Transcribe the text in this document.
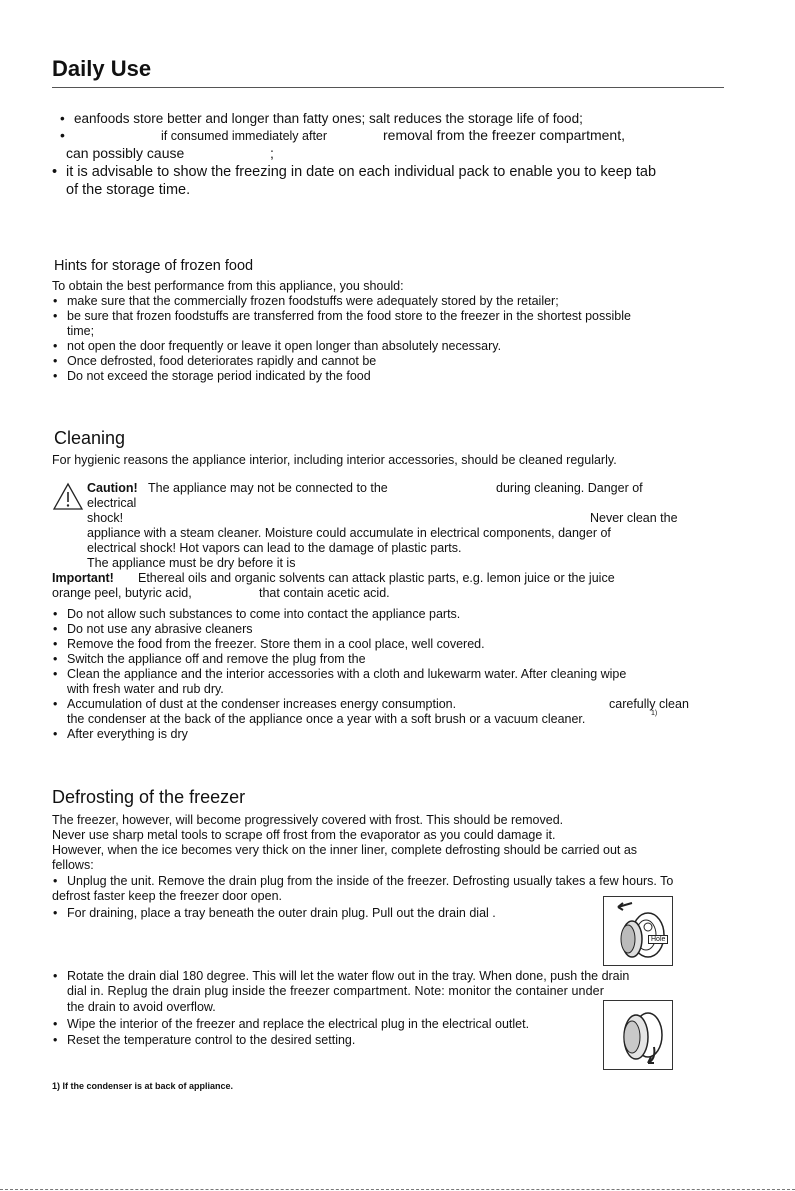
Daily Use
• eanfoods store better and longer than fatty ones; salt reduces the storage life of food;
if consumed immediately after	removal from the freezer compartment,
can possibly cause	;
• it is advisable to show the freezing in date on each individual pack to enable you to keep tab
of the storage time.
Hints for storage of frozen food
To obtain the best performance from this appliance, you should:
• make sure that the commercially frozen foodstuffs were adequately stored by the retailer;
• be sure that frozen foodstuffs are transferred from the food store to the freezer in the shortest possible
time;
• not open the door frequently or leave it open longer than absolutely necessary.
• Once defrosted, food deteriorates rapidly and cannot be
• Do not exceed the storage period indicated by the food
Cleaning
For hygienic reasons the appliance interior, including interior accessories, should be cleaned regularly.
Caution! The appliance may not be connected to the	during cleaning. Danger of
electrical
shock!	Never clean the
appliance with a steam cleaner. Moisture could accumulate in electrical components, danger of
electrical shock! Hot vapors can lead to the damage of plastic parts.
The appliance must be dry before it is
Important! Ethereal oils and organic solvents can attack plastic parts, e.g. lemon juice or the juice
orange peel, butyric acid,	that contain acetic acid.
• Do not allow such substances to come into contact the appliance parts.
• Do not use any abrasive cleaners
• Remove the food from the freezer. Store them in a cool place, well covered.
• Switch the appliance off and remove the plug from the
• Clean the appliance and the interior accessories with a cloth and lukewarm water. After cleaning wipe
with fresh water and rub dry.
• Accumulation of dust at the condenser increases energy consumption.	carefully clean
the condenser at the back of the appliance once a year with a soft brush or a vacuum cleaner.	1)
• After everything is dry
Defrosting of the freezer
The freezer, however, will become progressively covered with frost. This should be removed.
Never use sharp metal tools to scrape off frost from the evaporator as you could damage it.
However, when the ice becomes very thick on the inner liner, complete defrosting should be carried out as
fellows:
• Unplug the unit. Remove the drain plug from the inside of the freezer. Defrosting usually takes a few hours. To
defrost faster keep the freezer door open.
• For draining, place a tray beneath the outer drain plug. Pull out the drain dial .
Hole
• Rotate the drain dial 180 degree. This will let the water flow out in the tray. When done, push the drain
dial in. Replug the drain plug inside the freezer compartment. Note: monitor the container under
the drain to avoid overflow.
• Wipe the interior of the freezer and replace the electrical plug in the electrical outlet.
• Reset the temperature control to the desired setting.
1) If the condenser is at back of appliance.
